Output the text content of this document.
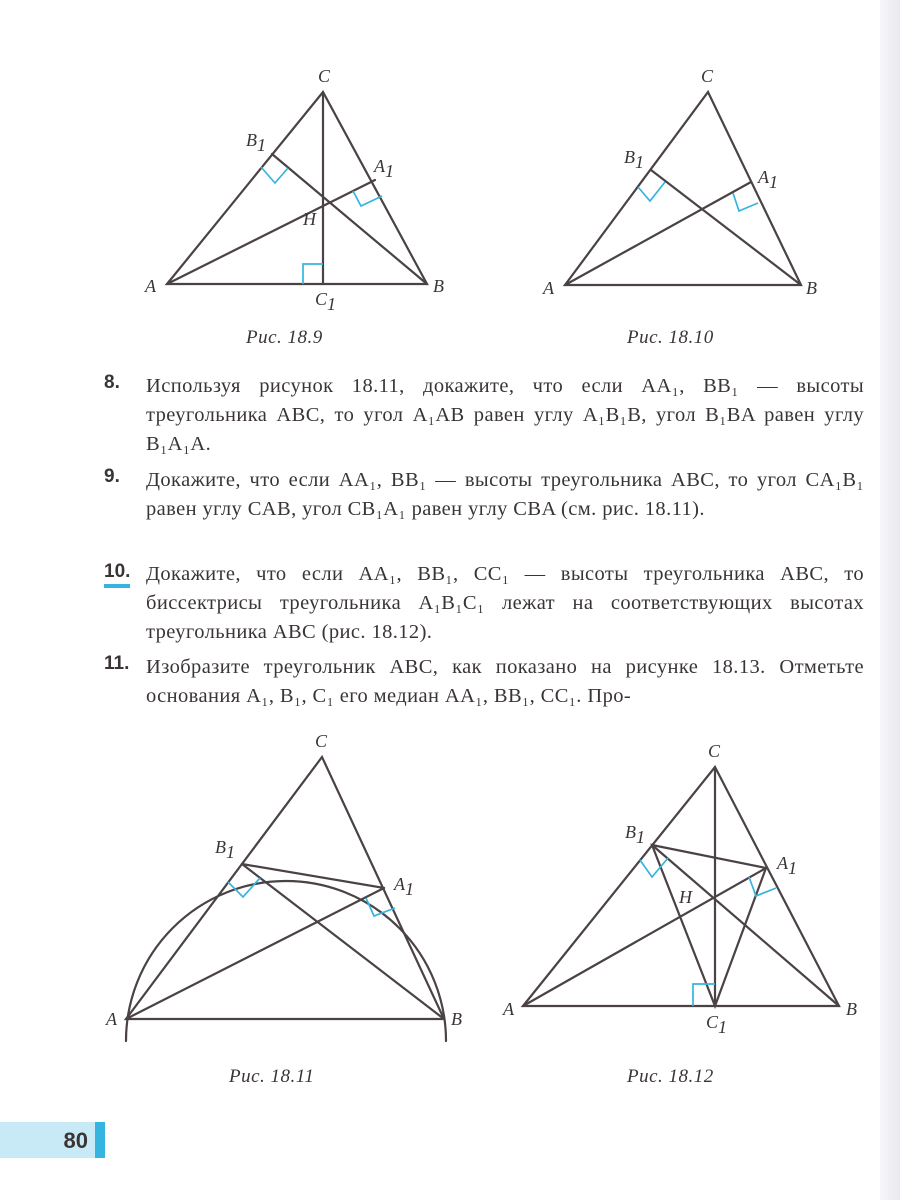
C
A	B
B1
A1
H
C1
Рис. 18.9
C
A	B
B1
A1
Рис. 18.10
8. Используя рисунок 18.11, докажите, что если AA₁, BB₁ — высоты треугольника ABC, то угол A₁AB равен углу A₁B₁B, угол B₁BA равен углу B₁A₁A.
9. Докажите, что если AA₁, BB₁ — высоты треугольника ABC, то угол CA₁B₁ равен углу CAB, угол CB₁A₁ равен углу CBA (см. рис. 18.11).
10. Докажите, что если AA₁, BB₁, CC₁ — высоты треугольника ABC, то биссектрисы треугольника A₁B₁C₁ лежат на соответствующих высотах треугольника ABC (рис. 18.12).
11. Изобразите треугольник ABC, как показано на рисунке 18.13. Отметьте основания A₁, B₁, C₁ его медиан AA₁, BB₁, CC₁. Про-
C
A	B
B1
A1
Рис. 18.11
C
A	B
B1
A1
H
C1
Рис. 18.12
80
